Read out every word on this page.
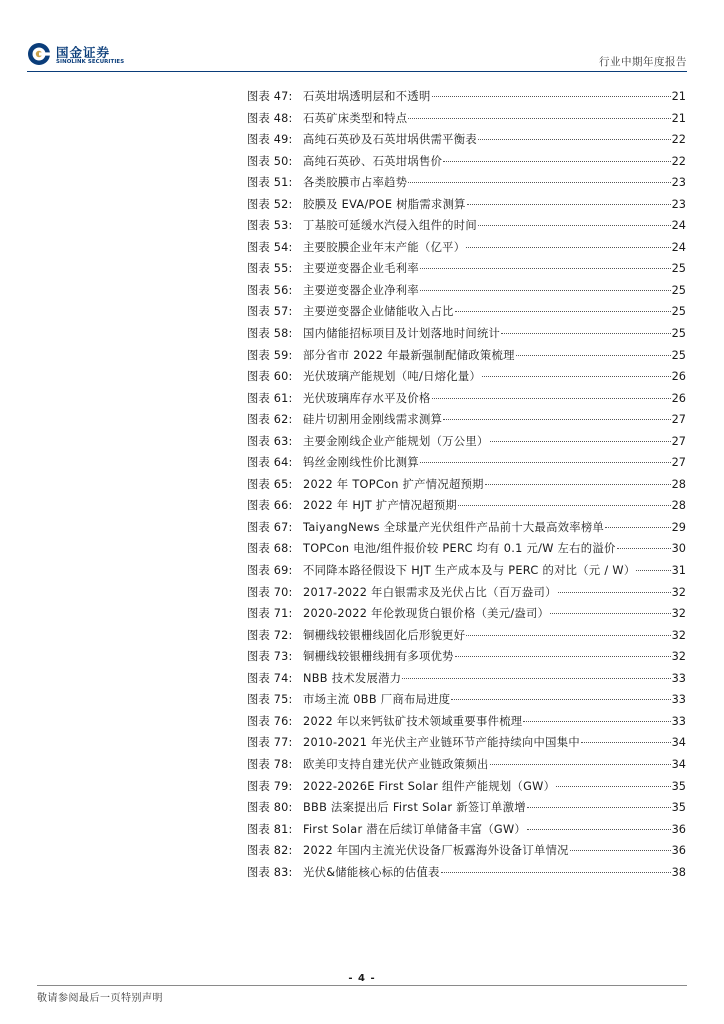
国金证券
SINOLINK SECURITIES	行业中期年度报告
图表 47: 石英坩埚透明层和不透明	21
图表 48: 石英矿床类型和特点	21
图表 49: 高纯石英砂及石英坩埚供需平衡表	22
图表 50: 高纯石英砂、石英坩埚售价	22
图表 51: 各类胶膜市占率趋势	23
图表 52: 胶膜及 EVA/POE 树脂需求测算	23
图表 53: 丁基胶可延缓水汽侵入组件的时间	24
图表 54: 主要胶膜企业年末产能（亿平）	24
图表 55: 主要逆变器企业毛利率	25
图表 56: 主要逆变器企业净利率	25
图表 57: 主要逆变器企业储能收入占比	25
图表 58: 国内储能招标项目及计划落地时间统计	25
图表 59: 部分省市 2022 年最新强制配储政策梳理	25
图表 60: 光伏玻璃产能规划（吨/日熔化量）	26
图表 61: 光伏玻璃库存水平及价格	26
图表 62: 硅片切割用金刚线需求测算	27
图表 63: 主要金刚线企业产能规划（万公里）	27
图表 64: 钨丝金刚线性价比测算	27
图表 65: 2022 年 TOPCon 扩产情况超预期	28
图表 66: 2022 年 HJT 扩产情况超预期	28
图表 67: TaiyangNews 全球量产光伏组件产品前十大最高效率榜单	29
图表 68: TOPCon 电池/组件报价较 PERC 均有 0.1 元/W 左右的溢价	30
图表 69: 不同降本路径假设下 HJT 生产成本及与 PERC 的对比（元 / W）	31
图表 70: 2017-2022 年白银需求及光伏占比（百万盎司）	32
图表 71: 2020-2022 年伦敦现货白银价格（美元/盎司）	32
图表 72: 铜栅线较银栅线固化后形貌更好	32
图表 73: 铜栅线较银栅线拥有多项优势	32
图表 74: NBB 技术发展潜力	33
图表 75: 市场主流 0BB 厂商布局进度	33
图表 76: 2022 年以来钙钛矿技术领域重要事件梳理	33
图表 77: 2010-2021 年光伏主产业链环节产能持续向中国集中	34
图表 78: 欧美印支持自建光伏产业链政策频出	34
图表 79: 2022-2026E First Solar 组件产能规划（GW）	35
图表 80: BBB 法案提出后 First Solar 新签订单激增	35
图表 81: First Solar 潜在后续订单储备丰富（GW）	36
图表 82: 2022 年国内主流光伏设备厂板露海外设备订单情况	36
图表 83: 光伏&储能核心标的估值表	38
- 4 -
敬请参阅最后一页特别声明
